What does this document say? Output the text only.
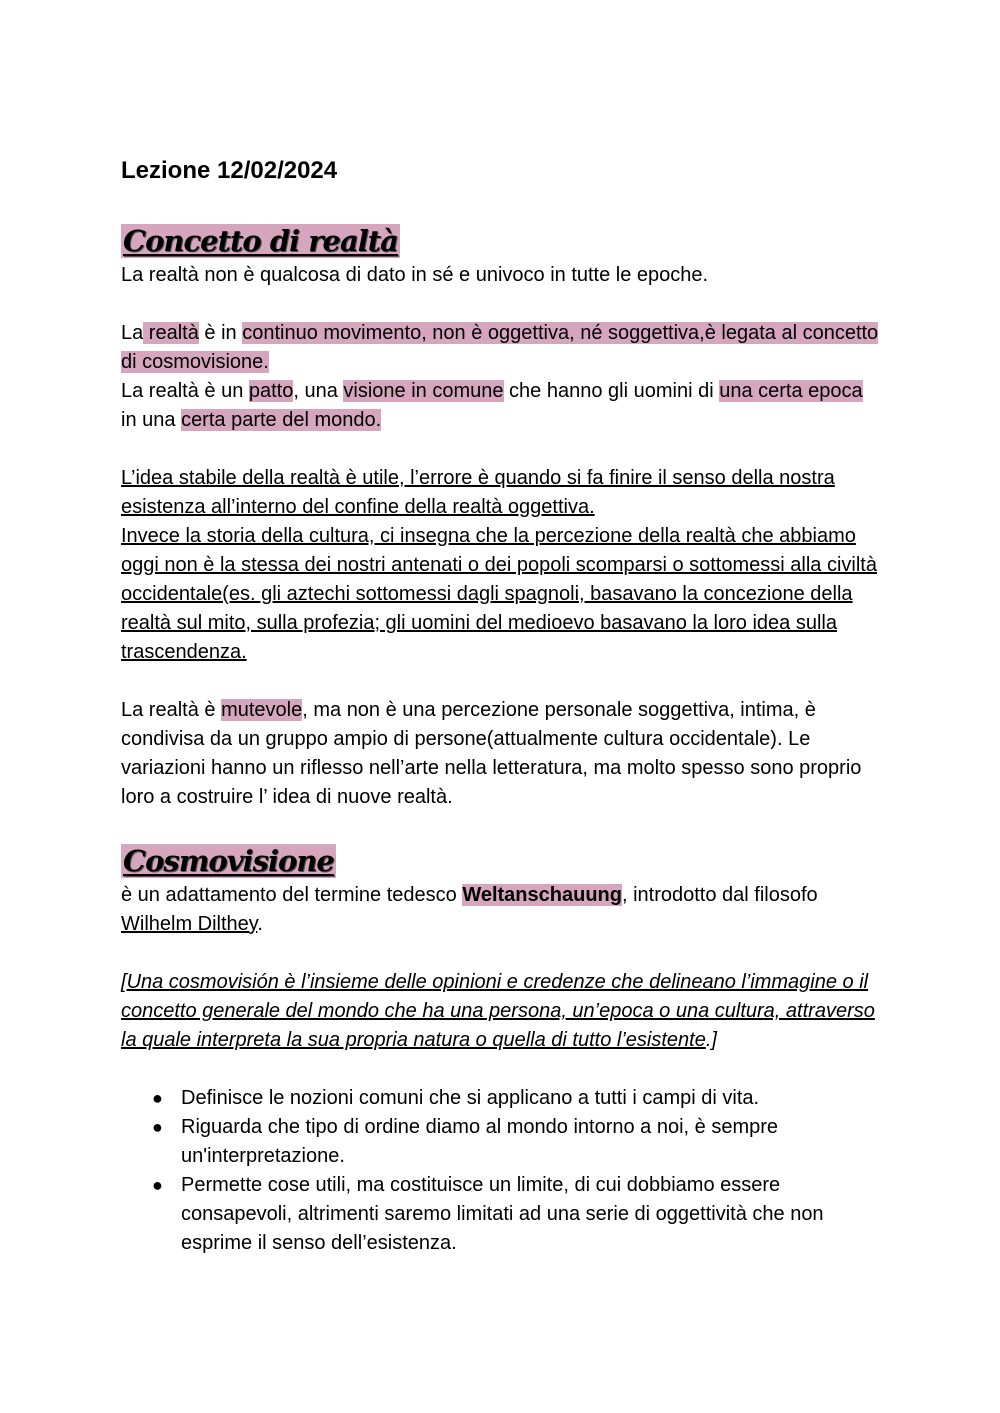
Lezione 12/02/2024
Concetto di realtà

La realtà non è qualcosa di dato in sé e univoco in tutte le epoche.

La realtà è in continuo movimento, non è oggettiva, né soggettiva,è legata al concetto di cosmovisione.
La realtà è un patto, una visione in comune che hanno gli uomini di una certa epoca in una certa parte del mondo.

L’idea stabile della realtà è utile, l’errore è quando si fa finire il senso della nostra esistenza all’interno del confine della realtà oggettiva.
Invece la storia della cultura, ci insegna che la percezione della realtà che abbiamo oggi non è la stessa dei nostri antenati o dei popoli scomparsi o sottomessi alla civiltà occidentale(es. gli aztechi sottomessi dagli spagnoli, basavano la concezione della realtà sul mito, sulla profezia; gli uomini del medioevo basavano la loro idea sulla trascendenza.

La realtà è mutevole, ma non è una percezione personale soggettiva, intima, è condivisa da un gruppo ampio di persone(attualmente cultura occidentale). Le variazioni hanno un riflesso nell’arte nella letteratura, ma molto spesso sono proprio loro a costruire l’ idea di nuove realtà.

Cosmovisione

è un adattamento del termine tedesco Weltanschauung, introdotto dal filosofo Wilhelm Dilthey.

[Una cosmovisión è l’insieme delle opinioni e credenze che delineano l’immagine o il concetto generale del mondo che ha una persona, un’epoca o una cultura, attraverso la quale interpreta la sua propria natura o quella di tutto l’esistente.]

● Definisce le nozioni comuni che si applicano a tutti i campi di vita.
● Riguarda che tipo di ordine diamo al mondo intorno a noi, è sempre un'interpretazione.
● Permette cose utili, ma costituisce un limite, di cui dobbiamo essere consapevoli, altrimenti saremo limitati ad una serie di oggettività che non esprime il senso dell’esistenza.
